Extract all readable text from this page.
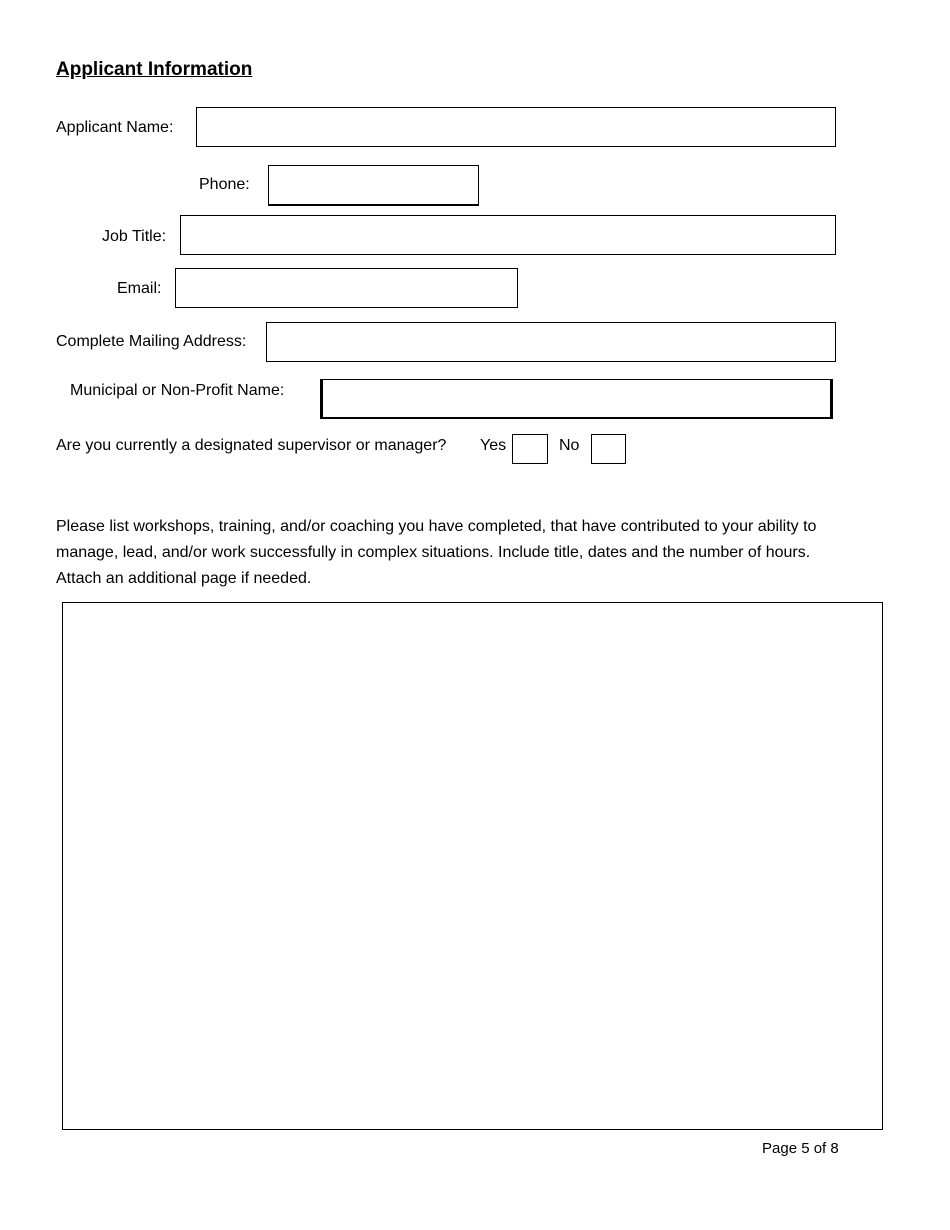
Applicant Information
Applicant Name:
Phone:
Job Title:
Email:
Complete Mailing Address:
Municipal or Non-Profit Name:
Are you currently a designated supervisor or manager? Yes	No
Please list workshops, training, and/or coaching you have completed, that have contributed to your ability to
manage, lead, and/or work successfully in complex situations. Include title, dates and the number of hours.
Attach an additional page if needed.
Page 5 of 8
